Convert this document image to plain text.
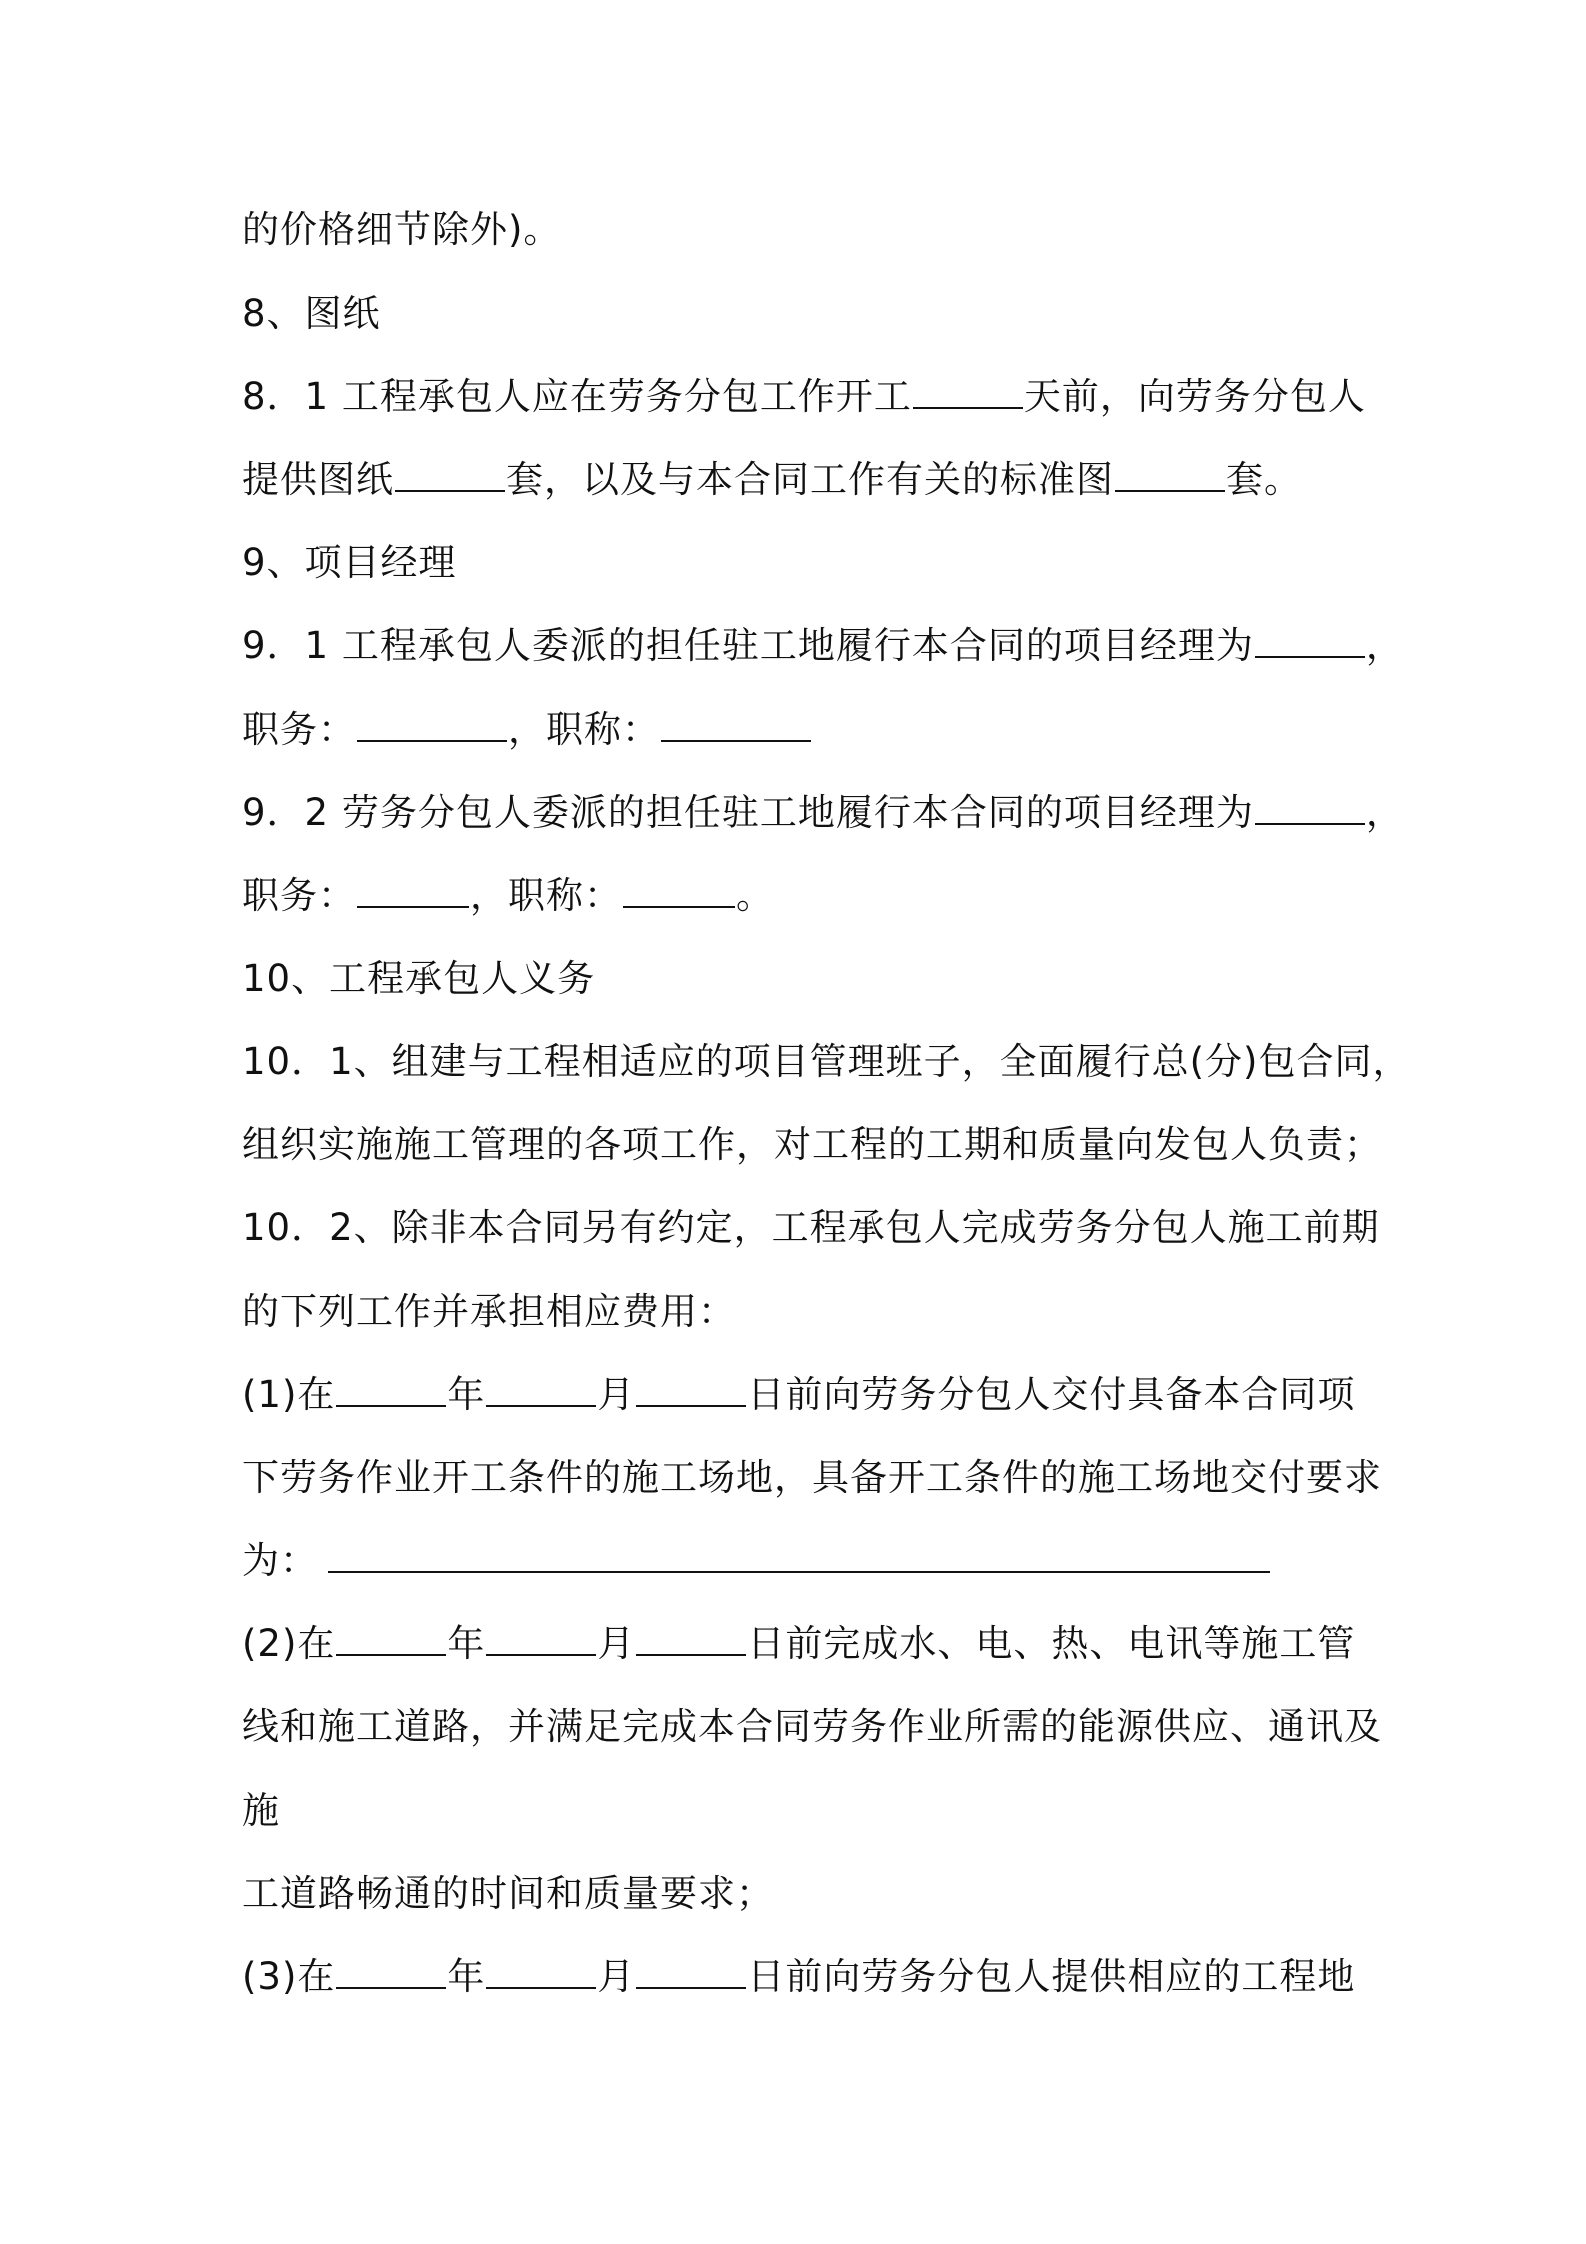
的价格细节除外)。
8、图纸
8．1 工程承包人应在劳务分包工作开工	天前，向劳务分包人
提供图纸	套，以及与本合同工作有关的标准图	套。
9、项目经理
9．1 工程承包人委派的担任驻工地履行本合同的项目经理为	，
职务：	，职称：
9．2 劳务分包人委派的担任驻工地履行本合同的项目经理为	，
职务：	，职称：	。
10、工程承包人义务
10．1、组建与工程相适应的项目管理班子，全面履行总(分)包合同，
组织实施施工管理的各项工作，对工程的工期和质量向发包人负责；
10．2、除非本合同另有约定，工程承包人完成劳务分包人施工前期
的下列工作并承担相应费用：
(1)在	年	月	日前向劳务分包人交付具备本合同项
下劳务作业开工条件的施工场地，具备开工条件的施工场地交付要求
为：
(2)在	年	月	日前完成水、电、热、电讯等施工管
线和施工道路，并满足完成本合同劳务作业所需的能源供应、通讯及
施
工道路畅通的时间和质量要求；
(3)在	年	月	日前向劳务分包人提供相应的工程地
